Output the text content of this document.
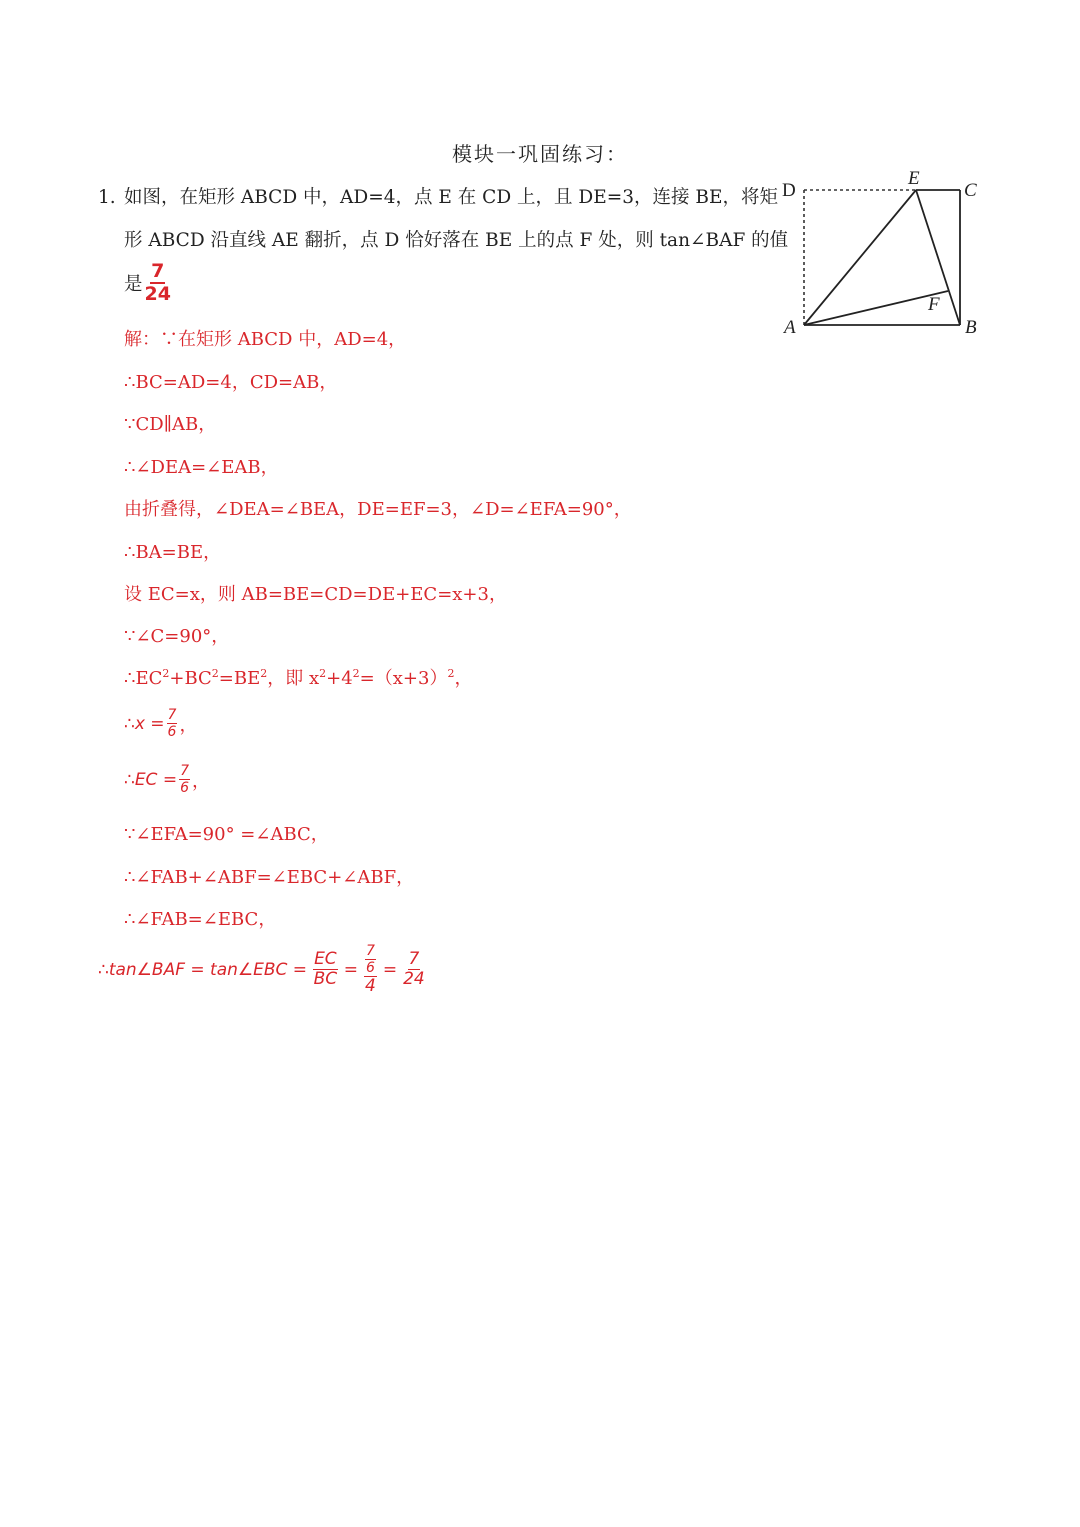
模块一巩固练习：
1. 如图，在矩形 ABCD 中，AD=4，点 E 在 CD 上，且 DE=3，连接 BE，将矩
形 ABCD 沿直线 AE 翻折，点 D 恰好落在 BE 上的点 F 处，则 tan∠BAF 的值
是 $\frac{7}{24}$
D
E
C
F
A	B
解：∵在矩形 ABCD 中，AD=4，
∴BC=AD=4，CD=AB，
∵CD∥AB，
∴∠DEA=∠EAB，
由折叠得，∠DEA=∠BEA，DE=EF=3，∠D=∠EFA=90°，
∴BA=BE，
设 EC=x，则 AB=BE=CD=DE+EC=x+3，
∵∠C=90°，
$\therefore EC^2+BC^2=BE^2$，即 $x^2+4^2=(x+3)^2$，
∴x = $\frac{7}{6}$ ，
∴EC = $\frac{7}{6}$ ，
∵∠EFA=90° =∠ABC，
∴∠FAB+∠ABF=∠EBC+∠ABF，
∴∠FAB=∠EBC，
∴tan∠BAF = tan∠EBC = $\frac{EC}{BC} = \frac{\frac{7}{6}}{4} = \frac{7}{24}$
